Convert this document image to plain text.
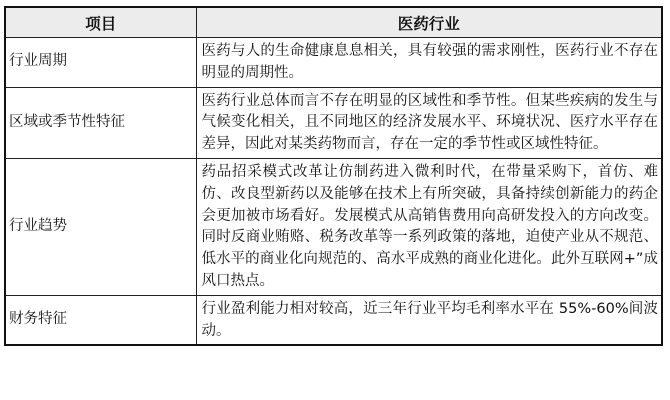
项目	医药行业
行业周期	医药与人的生命健康息息相关，具有较强的需求刚性，医药行业不存在明显的周期性。
区域或季节性特征	医药行业总体而言不存在明显的区域性和季节性。但某些疾病的发生与气候变化相关，且不同地区的经济发展水平、环境状况、医疗水平存在差异，因此对某类药物而言，存在一定的季节性或区域性特征。
行业趋势	药品招采模式改革让仿制药进入微利时代，在带量采购下，首仿、难仿、改良型新药以及能够在技术上有所突破，具备持续创新能力的药企会更加被市场看好。发展模式从高销售费用向高研发投入的方向改变。同时反商业贿赂、税务改革等一系列政策的落地，迫使产业从不规范、低水平的商业化向规范的、高水平成熟的商业化进化。此外互联网+”成风口热点。
财务特征	行业盈利能力相对较高，近三年行业平均毛利率水平在 55%-60%间波动。
